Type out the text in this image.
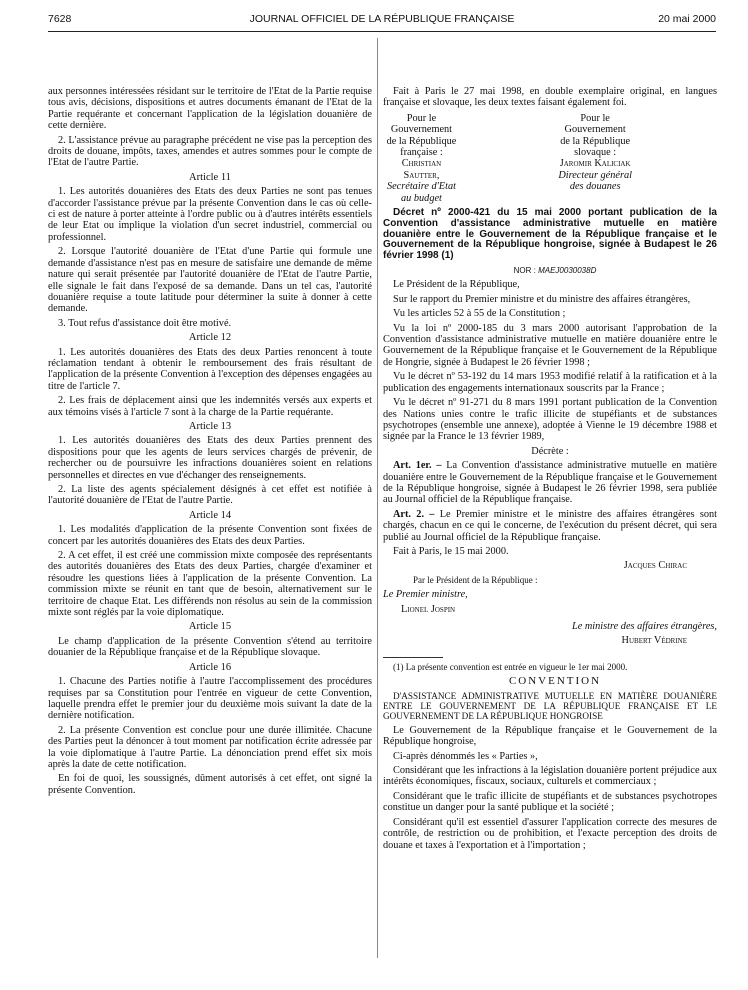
7628	JOURNAL OFFICIEL DE LA RÉPUBLIQUE FRANÇAISE	20 mai 2000

aux personnes intéressées résidant sur le territoire de l'Etat de la Partie requise tous avis, décisions, dispositions et autres documents émanant de l'Etat de la Partie requérante et concernant l'application de la législation douanière de cette dernière.

2. L'assistance prévue au paragraphe précédent ne vise pas la perception des droits de douane, impôts, taxes, amendes et autres sommes pour le compte de l'Etat de l'autre Partie.

Article 11

1. Les autorités douanières des Etats des deux Parties ne sont pas tenues d'accorder l'assistance prévue par la présente Convention dans le cas où celle-ci est de nature à porter atteinte à l'ordre public ou à d'autres intérêts essentiels de leur Etat ou implique la violation d'un secret industriel, commercial ou professionnel.

2. Lorsque l'autorité douanière de l'Etat d'une Partie qui formule une demande d'assistance n'est pas en mesure de satisfaire une demande de même nature qui serait présentée par l'autorité douanière de l'Etat de l'autre Partie, elle signale le fait dans l'exposé de sa demande. Dans un tel cas, l'autorité douanière requise a toute latitude pour déterminer la suite à donner à cette demande.

3. Tout refus d'assistance doit être motivé.

Article 12

1. Les autorités douanières des Etats des deux Parties renoncent à toute réclamation tendant à obtenir le remboursement des frais résultant de l'application de la présente Convention à l'exception des dépenses engagées au titre de l'article 7.

2. Les frais de déplacement ainsi que les indemnités versés aux experts et aux témoins visés à l'article 7 sont à la charge de la Partie requérante.

Article 13

1. Les autorités douanières des Etats des deux Parties prennent des dispositions pour que les agents de leurs services chargés de prévenir, de rechercher ou de poursuivre les infractions douanières soient en relations personnelles et directes en vue d'échanger des renseignements.

2. La liste des agents spécialement désignés à cet effet est notifiée à l'autorité douanière de l'Etat de l'autre Partie.

Article 14

1. Les modalités d'application de la présente Convention sont fixées de concert par les autorités douanières des Etats des deux Parties.

2. A cet effet, il est créé une commission mixte composée des représentants des autorités douanières des Etats des deux Parties, chargée d'examiner et résoudre les questions liées à l'application de la présente Convention. La commission mixte se réunit en tant que de besoin, alternativement sur le territoire de chaque Etat. Les différends non résolus au sein de la commission mixte sont réglés par la voie diplomatique.

Article 15

Le champ d'application de la présente Convention s'étend au territoire douanier de la République française et de la République slovaque.

Article 16

1. Chacune des Parties notifie à l'autre l'accomplissement des procédures requises par sa Constitution pour l'entrée en vigueur de cette Convention, laquelle prendra effet le premier jour du deuxième mois suivant la date de la dernière notification.

2. La présente Convention est conclue pour une durée illimitée. Chacune des Parties peut la dénoncer à tout moment par notification écrite adressée par la voie diplomatique à l'autre Partie. La dénonciation prend effet six mois après la date de cette notification.

En foi de quoi, les soussignés, dûment autorisés à cet effet, ont signé la présente Convention.

Fait à Paris le 27 mai 1998, en double exemplaire original, en langues française et slovaque, les deux textes faisant également foi.

Pour le Gouvernement
de la République française :
Christian Sautter,
Secrétaire d'Etat au budget
Pour le Gouvernement
de la République slovaque :
Jaromir Kaliciak
Directeur général
des douanes

Décret nº 2000-421 du 15 mai 2000 portant publication de la Convention d'assistance administrative mutuelle en matière douanière entre le Gouvernement de la République française et le Gouvernement de la République hongroise, signée à Budapest le 26 février 1998 (1)

NOR : MAEJ0030038D

Le Président de la République,

Sur le rapport du Premier ministre et du ministre des affaires étrangères,

Vu les articles 52 à 55 de la Constitution ;

Vu la loi nº 2000-185 du 3 mars 2000 autorisant l'approbation de la Convention d'assistance administrative mutuelle en matière douanière entre le Gouvernement de la République française et le Gouvernement de la République de Hongrie, signée à Budapest le 26 février 1998 ;

Vu le décret nº 53-192 du 14 mars 1953 modifié relatif à la ratification et à la publication des engagements internationaux souscrits par la France ;

Vu le décret nº 91-271 du 8 mars 1991 portant publication de la Convention des Nations unies contre le trafic illicite de stupéfiants et de substances psychotropes (ensemble une annexe), adoptée à Vienne le 19 décembre 1988 et signée par la France le 13 février 1989,

Décrète :

Art. 1er. – La Convention d'assistance administrative mutuelle en matière douanière entre le Gouvernement de la République française et le Gouvernement de la République hongroise, signée à Budapest le 26 février 1998, sera publiée au Journal officiel de la République française.

Art. 2. – Le Premier ministre et le ministre des affaires étrangères sont chargés, chacun en ce qui le concerne, de l'exécution du présent décret, qui sera publié au Journal officiel de la République française.

Fait à Paris, le 15 mai 2000.

Jacques Chirac

Par le Président de la République :

Le Premier ministre,

Lionel Jospin

Le ministre des affaires étrangères,

Hubert Védrine

(1) La présente convention est entrée en vigueur le 1er mai 2000.

CONVENTION

D'ASSISTANCE ADMINISTRATIVE MUTUELLE EN MATIÈRE DOUANIÈRE ENTRE LE GOUVERNEMENT DE LA RÉPUBLIQUE FRANÇAISE ET LE GOUVERNEMENT DE LA RÉPUBLIQUE HONGROISE

Le Gouvernement de la République française et le Gouvernement de la République hongroise,

Ci-après dénommés les « Parties »,

Considérant que les infractions à la législation douanière portent préjudice aux intérêts économiques, fiscaux, sociaux, culturels et commerciaux ;

Considérant que le trafic illicite de stupéfiants et de substances psychotropes constitue un danger pour la santé publique et la société ;

Considérant qu'il est essentiel d'assurer l'application correcte des mesures de contrôle, de restriction ou de prohibition, et l'exacte perception des droits de douane et taxes à l'exportation et à l'importation ;
